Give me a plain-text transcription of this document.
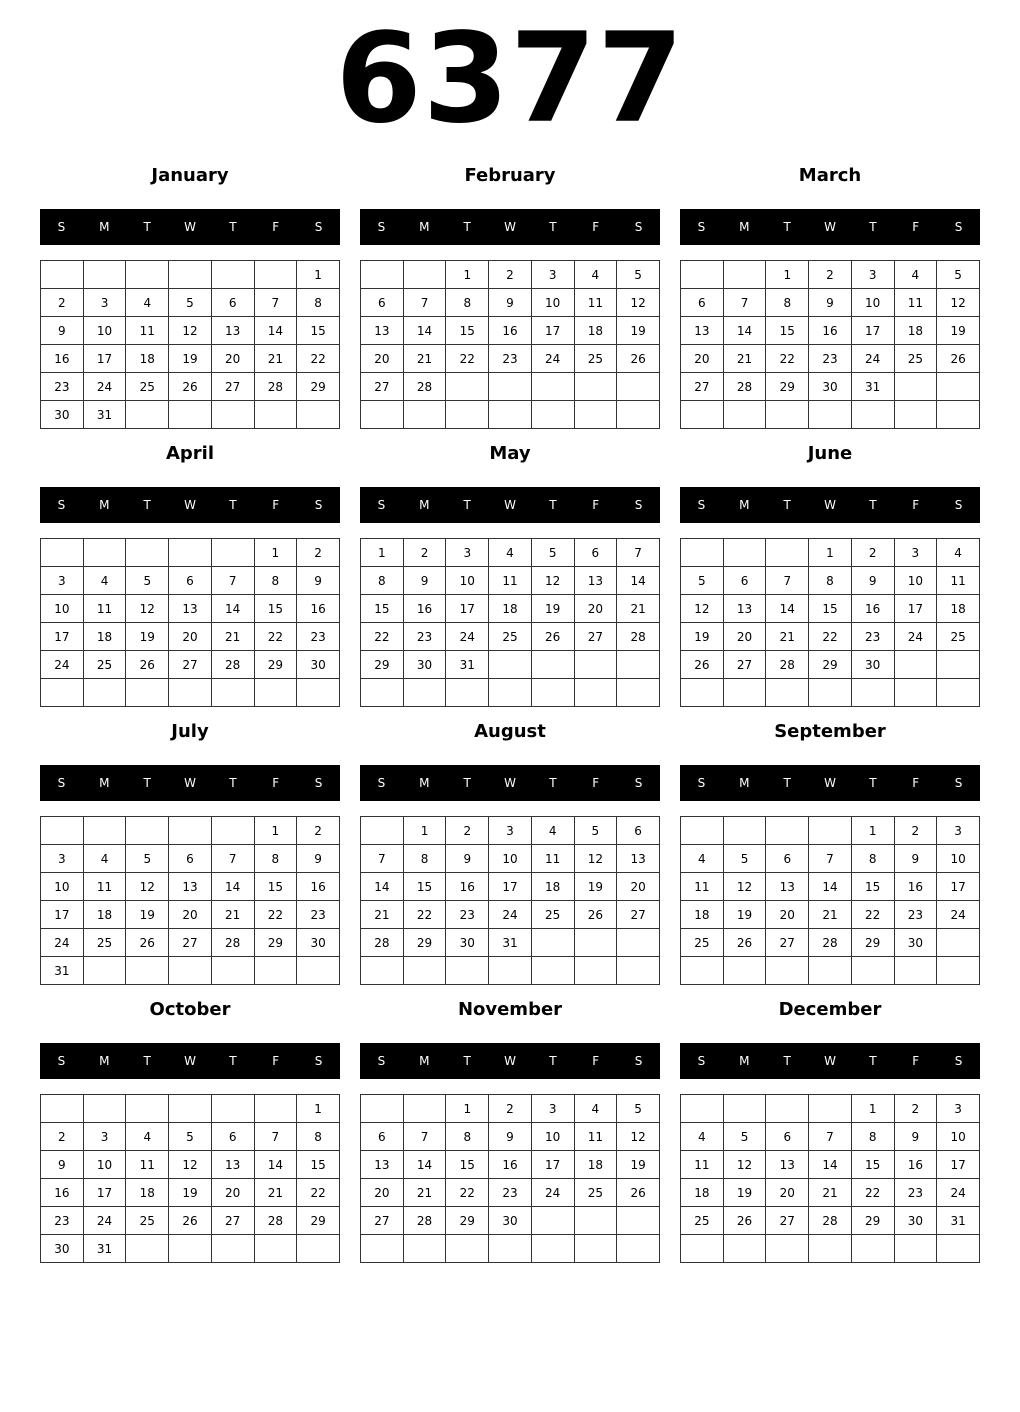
6377
January
S	M	T	W	T	F	S
						1
2	3	4	5	6	7	8
9	10	11	12	13	14	15
16	17	18	19	20	21	22
23	24	25	26	27	28	29
30	31					
February
S	M	T	W	T	F	S
		1	2	3	4	5
6	7	8	9	10	11	12
13	14	15	16	17	18	19
20	21	22	23	24	25	26
27	28					

March
S	M	T	W	T	F	S
		1	2	3	4	5
6	7	8	9	10	11	12
13	14	15	16	17	18	19
20	21	22	23	24	25	26
27	28	29	30	31		

April
S	M	T	W	T	F	S
					1	2
3	4	5	6	7	8	9
10	11	12	13	14	15	16
17	18	19	20	21	22	23
24	25	26	27	28	29	30

May
S	M	T	W	T	F	S
1	2	3	4	5	6	7
8	9	10	11	12	13	14
15	16	17	18	19	20	21
22	23	24	25	26	27	28
29	30	31				

June
S	M	T	W	T	F	S
			1	2	3	4
5	6	7	8	9	10	11
12	13	14	15	16	17	18
19	20	21	22	23	24	25
26	27	28	29	30		

July
S	M	T	W	T	F	S
					1	2
3	4	5	6	7	8	9
10	11	12	13	14	15	16
17	18	19	20	21	22	23
24	25	26	27	28	29	30
31						
August
S	M	T	W	T	F	S
	1	2	3	4	5	6
7	8	9	10	11	12	13
14	15	16	17	18	19	20
21	22	23	24	25	26	27
28	29	30	31			

September
S	M	T	W	T	F	S
				1	2	3
4	5	6	7	8	9	10
11	12	13	14	15	16	17
18	19	20	21	22	23	24
25	26	27	28	29	30	

October
S	M	T	W	T	F	S
						1
2	3	4	5	6	7	8
9	10	11	12	13	14	15
16	17	18	19	20	21	22
23	24	25	26	27	28	29
30	31					
November
S	M	T	W	T	F	S
		1	2	3	4	5
6	7	8	9	10	11	12
13	14	15	16	17	18	19
20	21	22	23	24	25	26
27	28	29	30			

December
S	M	T	W	T	F	S
				1	2	3
4	5	6	7	8	9	10
11	12	13	14	15	16	17
18	19	20	21	22	23	24
25	26	27	28	29	30	31
